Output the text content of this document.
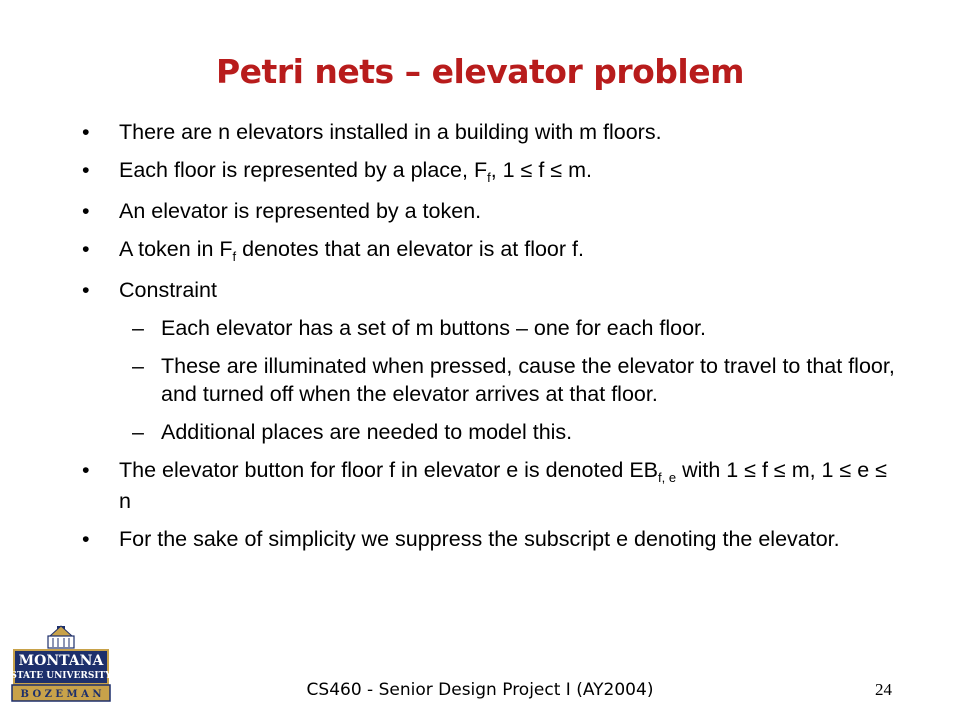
Petri nets – elevator problem
• There are n elevators installed in a building with m floors.
• Each floor is represented by a place, $F_f$, 1 ≤ f ≤ m.
• An elevator is represented by a token.
• A token in $F_f$ denotes that an elevator is at floor f.
• Constraint
– Each elevator has a set of m buttons – one for each floor.
– These are illuminated when pressed, cause the elevator to travel to that floor, and turned off when the elevator arrives at that floor.
– Additional places are needed to model this.
• The elevator button for floor f in elevator e is denoted $EB_{f, e}$ with 1 ≤ f ≤ m, 1 ≤ e ≤ n
• For the sake of simplicity we suppress the subscript e denoting the elevator.
MONTANA
STATE UNIVERSITY
B O Z E M A N	CS460 - Senior Design Project I (AY2004)	24
